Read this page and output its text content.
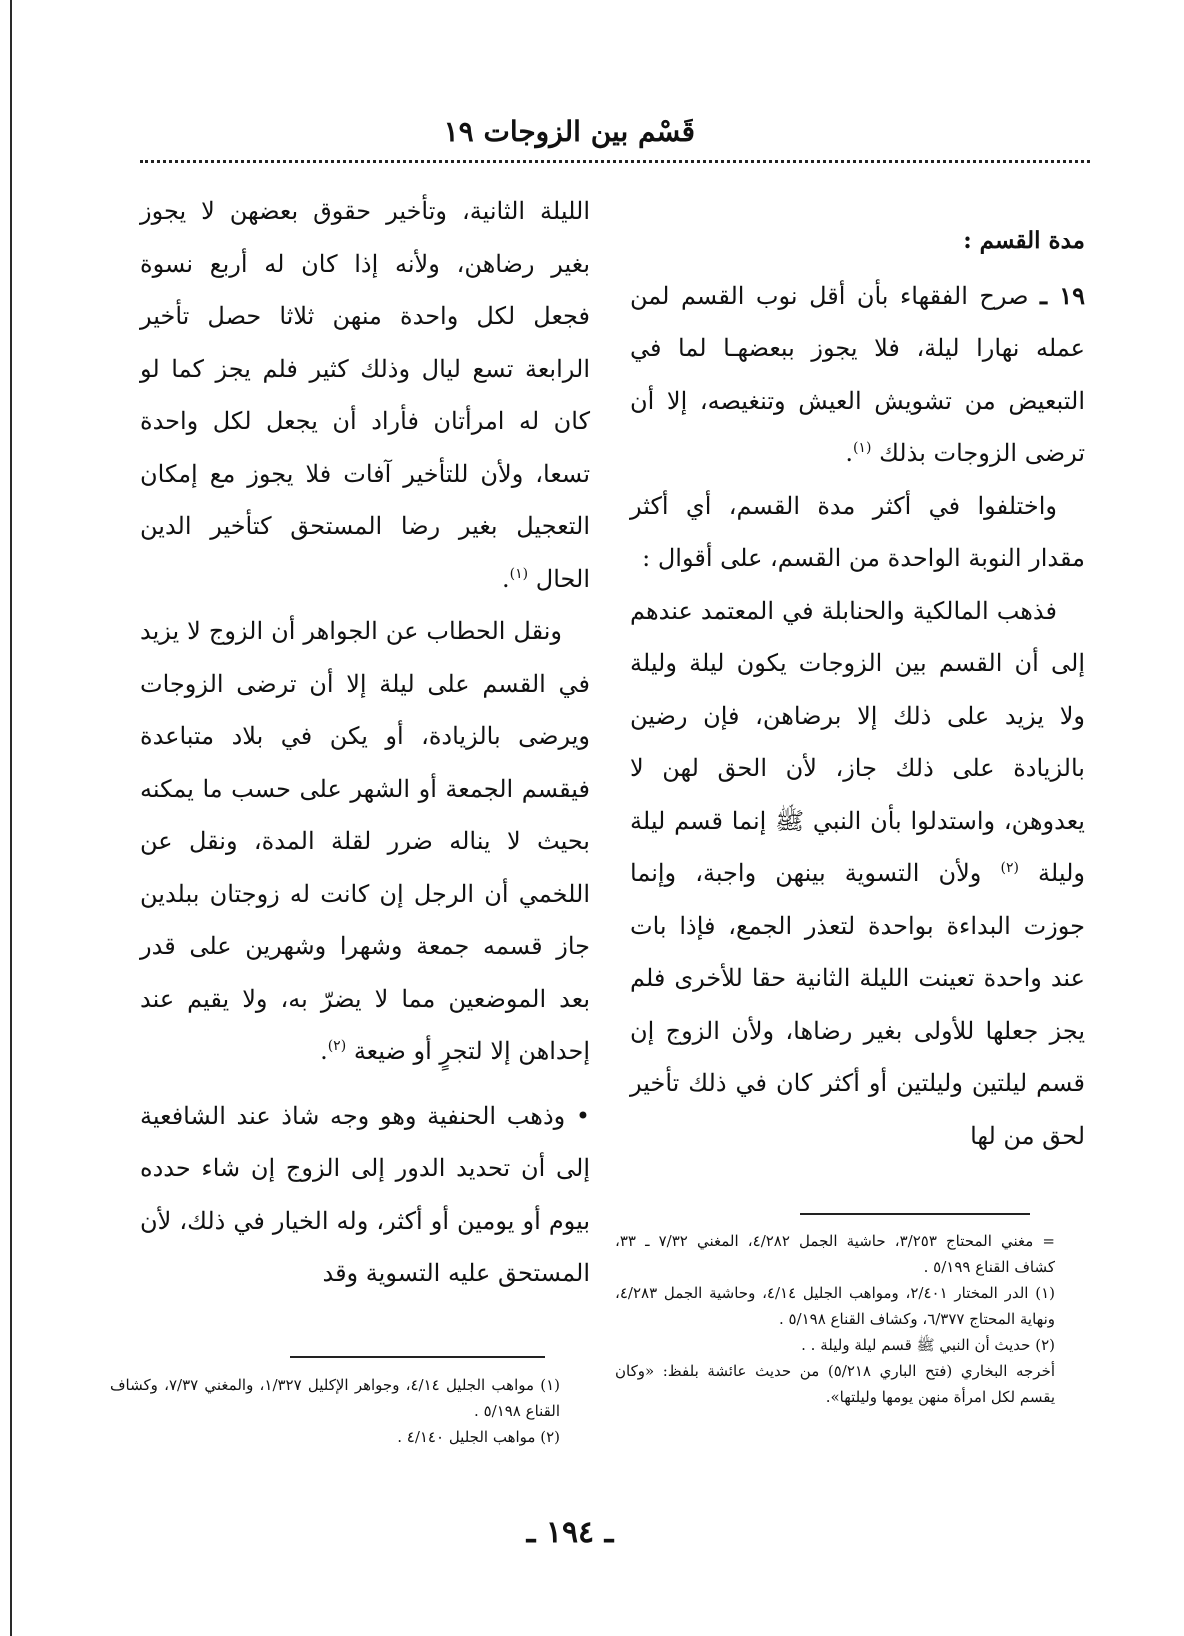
قَسْم بين الزوجات ١٩

مدة القسم :

١٩ ـ صرح الفقهاء بأن أقل نوب القسم لمن عمله نهارا ليلة، فلا يجوز ببعضهـا لما في التبعيض من تشويش العيش وتنغيصه، إلا أن ترضى الزوجات بذلك $^{(١)}$.

واختلفوا في أكثر مدة القسم، أي أكثر مقدار النوبة الواحدة من القسم، على أقوال :

فذهب المالكية والحنابلة في المعتمد عندهم إلى أن القسم بين الزوجات يكون ليلة وليلة ولا يزيد على ذلك إلا برضاهن، فإن رضين بالزيادة على ذلك جاز، لأن الحق لهن لا يعدوهن، واستدلوا بأن النبي ﷺ إنما قسم ليلة وليلة $^{(٢)}$ ولأن التسوية بينهن واجبة، وإنما جوزت البداءة بواحدة لتعذر الجمع، فإذا بات عند واحدة تعينت الليلة الثانية حقا للأخرى فلم يجز جعلها للأولى بغير رضاها، ولأن الزوج إن قسم ليلتين وليلتين أو أكثر كان في ذلك تأخير لحق من لها

الليلة الثانية، وتأخير حقوق بعضهن لا يجوز بغير رضاهن، ولأنه إذا كان له أربع نسوة فجعل لكل واحدة منهن ثلاثا حصل تأخير الرابعة تسع ليال وذلك كثير فلم يجز كما لو كان له امرأتان فأراد أن يجعل لكل واحدة تسعا، ولأن للتأخير آفات فلا يجوز مع إمكان التعجيل بغير رضا المستحق كتأخير الدين الحال $^{(١)}$.

ونقل الحطاب عن الجواهر أن الزوج لا يزيد في القسم على ليلة إلا أن ترضى الزوجات ويرضى بالزيادة، أو يكن في بلاد متباعدة فيقسم الجمعة أو الشهر على حسب ما يمكنه بحيث لا يناله ضرر لقلة المدة، ونقل عن اللخمي أن الرجل إن كانت له زوجتان ببلدين جاز قسمه جمعة وشهرا وشهرين على قدر بعد الموضعين مما لا يضرّ به، ولا يقيم عند إحداهن إلا لتجرٍ أو ضيعة $^{(٢)}$.

• وذهب الحنفية وهو وجه شاذ عند الشافعية إلى أن تحديد الدور إلى الزوج إن شاء حدده بيوم أو يومين أو أكثر، وله الخيار في ذلك، لأن المستحق عليه التسوية وقد

= مغني المحتاج ٣/٢٥٣، حاشية الجمل ٤/٢٨٢، المغني ٧/٣٢ ـ ٣٣، كشاف القناع ٥/١٩٩ .

(١) الدر المختار ٢/٤٠١، ومواهب الجليل ٤/١٤، وحاشية الجمل ٤/٢٨٣، ونهاية المحتاج ٦/٣٧٧، وكشاف القناع ٥/١٩٨ .

(٢) حديث أن النبي ﷺ قسم ليلة وليلة . .

أخرجه البخاري (فتح الباري ٥/٢١٨) من حديث عائشة بلفظ: «وكان يقسم لكل امرأة منهن يومها وليلتها».

(١) مواهب الجليل ٤/١٤، وجواهر الإكليل ١/٣٢٧، والمغني ٧/٣٧، وكشاف القناع ٥/١٩٨ .

(٢) مواهب الجليل ٤/١٤٠ .

ـ ١٩٤ ـ
